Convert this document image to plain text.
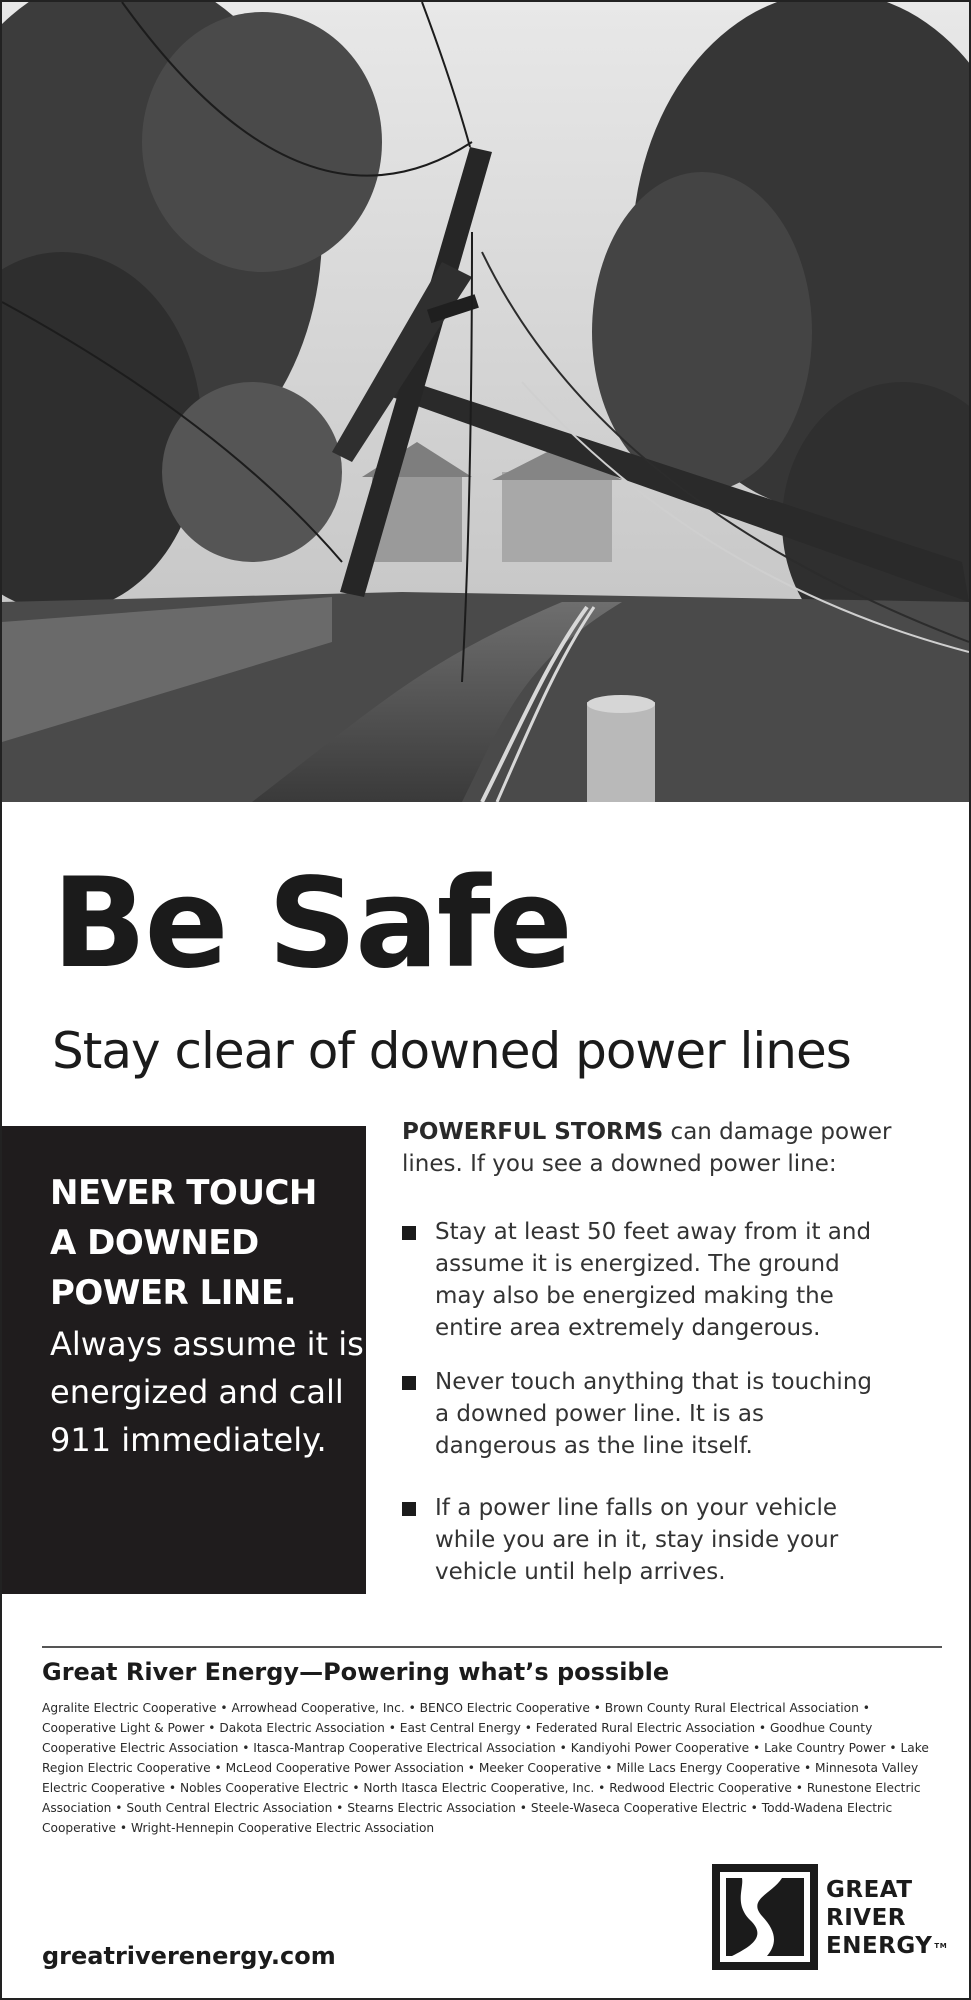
Be Safe
Stay clear of downed power lines
NEVER TOUCH
A DOWNED
POWER LINE.
Always assume it is
energized and call
911 immediately.
POWERFUL STORMS can damage power lines. If you see a downed power line:
Stay at least 50 feet away from it and assume it is energized. The ground may also be energized making the entire area extremely dangerous.
Never touch anything that is touching a downed power line. It is as dangerous as the line itself.
If a power line falls on your vehicle while you are in it, stay inside your vehicle until help arrives.
Great River Energy—Powering what’s possible
Agralite Electric Cooperative • Arrowhead Cooperative, Inc. • BENCO Electric Cooperative • Brown County Rural Electrical Association • Cooperative Light & Power • Dakota Electric Association • East Central Energy • Federated Rural Electric Association • Goodhue County Cooperative Electric Association • Itasca-Mantrap Cooperative Electrical Association • Kandiyohi Power Cooperative • Lake Country Power • Lake Region Electric Cooperative • McLeod Cooperative Power Association • Meeker Cooperative • Mille Lacs Energy Cooperative • Minnesota Valley Electric Cooperative • Nobles Cooperative Electric • North Itasca Electric Cooperative, Inc. • Redwood Electric Cooperative • Runestone Electric Association • South Central Electric Association • Stearns Electric Association • Steele-Waseca Cooperative Electric • Todd-Wadena Electric Cooperative • Wright-Hennepin Cooperative Electric Association
greatriverenergy.com
GREAT
RIVER
ENERGY TM
